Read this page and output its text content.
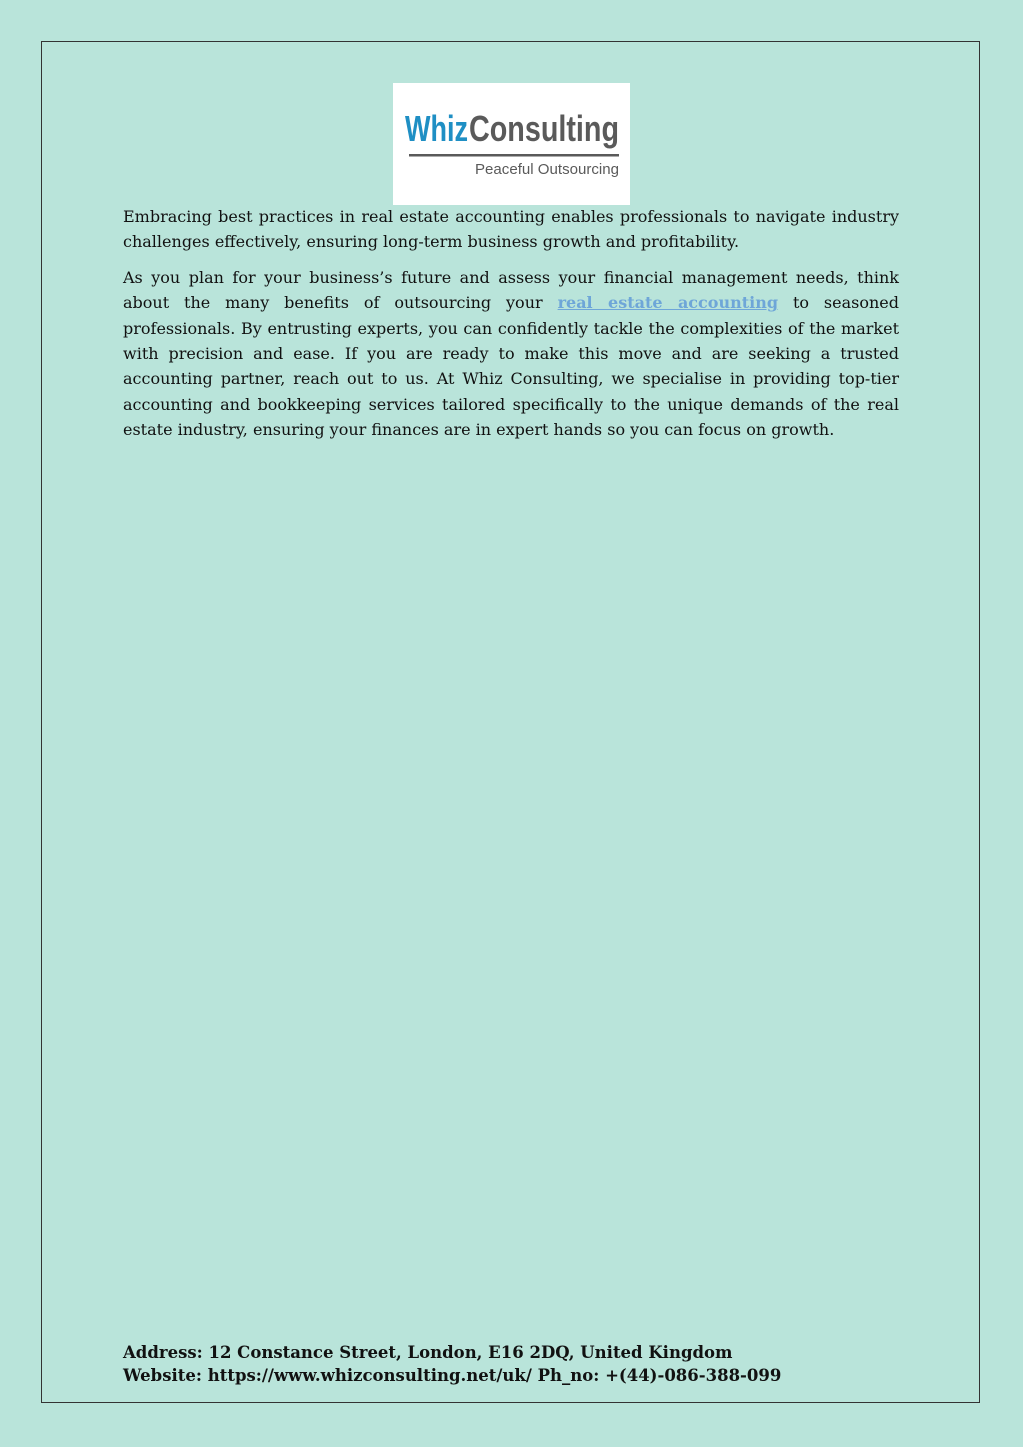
Whiz Consulting
Peaceful Outsourcing

Embracing best practices in real estate accounting enables professionals to navigate industry challenges effectively, ensuring long-term business growth and profitability.

As you plan for your business’s future and assess your financial management needs, think about the many benefits of outsourcing your real estate accounting to seasoned professionals. By entrusting experts, you can confidently tackle the complexities of the market with precision and ease. If you are ready to make this move and are seeking a trusted accounting partner, reach out to us. At Whiz Consulting, we specialise in providing top-tier accounting and bookkeeping services tailored specifically to the unique demands of the real estate industry, ensuring your finances are in expert hands so you can focus on growth.

Address: 12 Constance Street, London, E16 2DQ, United Kingdom
Website: https://www.whizconsulting.net/uk/ Ph_no: +(44)-086-388-099
